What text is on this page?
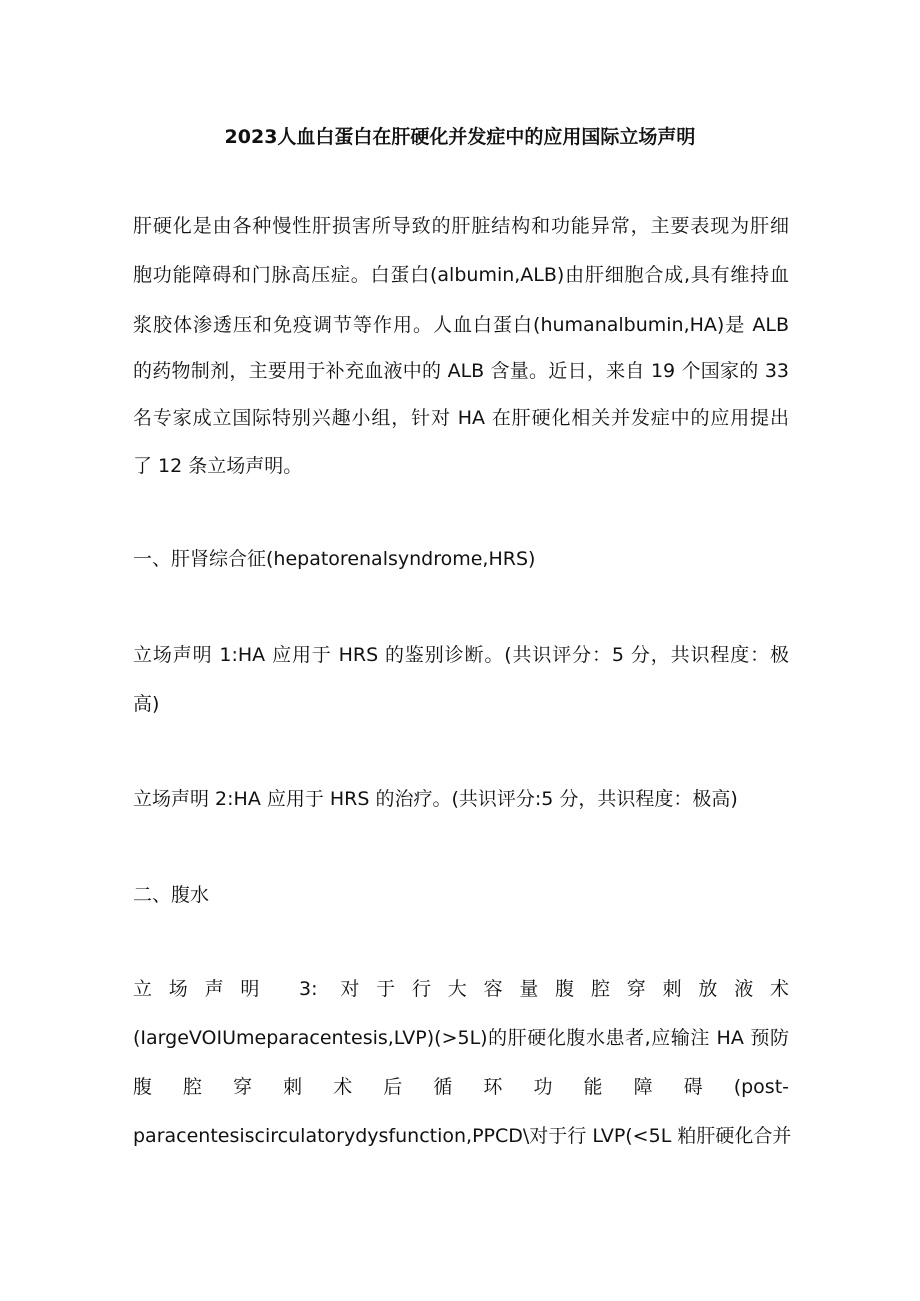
2023人血白蛋白在肝硬化并发症中的应用国际立场声明
肝硬化是由各种慢性肝损害所导致的肝脏结构和功能异常，主要表现为肝细
胞功能障碍和门脉高压症。白蛋白(albumin,ALB)由肝细胞合成,具有维持血
浆胶体渗透压和免疫调节等作用。人血白蛋白(humanalbumin,HA)是 ALB
的药物制剂，主要用于补充血液中的 ALB 含量。近日，来自 19 个国家的 33
名专家成立国际特别兴趣小组，针对 HA 在肝硬化相关并发症中的应用提出
了 12 条立场声明。
一、肝肾综合征(hepatorenalsyndrome,HRS)
立场声明 1:HA 应用于 HRS 的鉴别诊断。(共识评分：5 分，共识程度：极
高)
立场声明 2:HA 应用于 HRS 的治疗。(共识评分:5 分，共识程度：极高)
二、腹水
立场声明 3: 对于行大容量腹腔穿刺放液术
(IargeVOIUmeparacentesis,LVP)(>5L)的肝硬化腹水患者,应输注 HA 预防
腹 腔 穿 刺 术 后 循 环 功 能 障 碍 (post-
paracentesiscirculatorydysfunction,PPCD\对于行 LVP(<5L 粕肝硬化合并
